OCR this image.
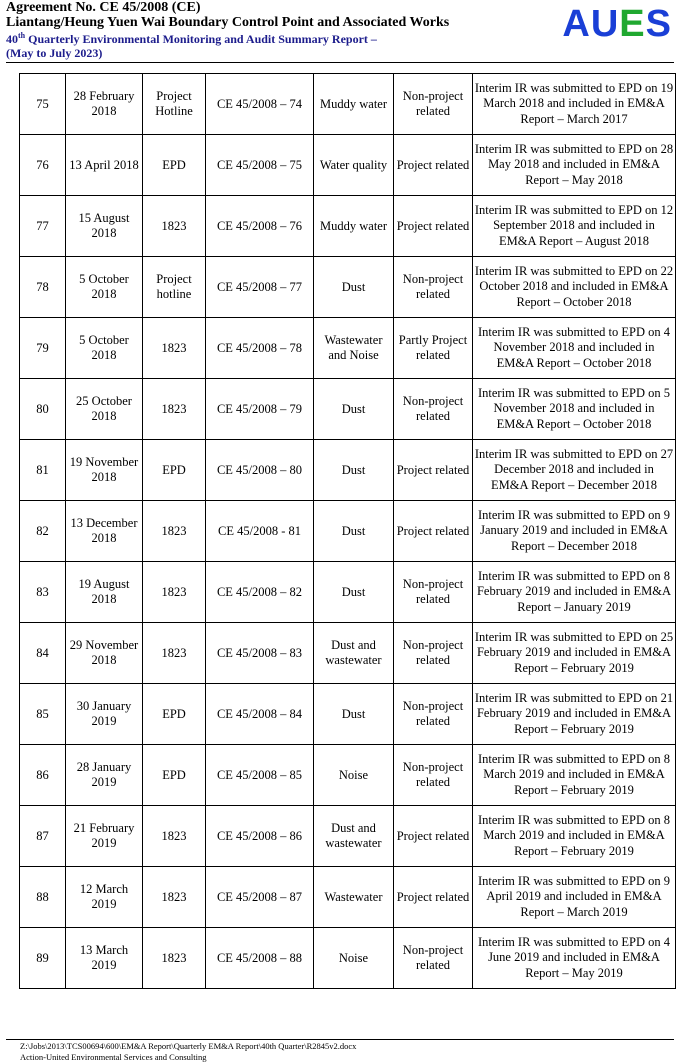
Agreement No. CE 45/2008 (CE)
Liantang/Heung Yuen Wai Boundary Control Point and Associated Works
40th Quarterly Environmental Monitoring and Audit Summary Report –
(May to July 2023)
AUES
75	28 February 2018	Project Hotline	CE 45/2008 – 74	Muddy water	Non-project related	Interim IR was submitted to EPD on 19 March 2018 and included in EM&A Report – March 2017
76	13 April 2018	EPD	CE 45/2008 – 75	Water quality	Project related	Interim IR was submitted to EPD on 28 May 2018 and included in EM&A Report – May 2018
77	15 August 2018	1823	CE 45/2008 – 76	Muddy water	Project related	Interim IR was submitted to EPD on 12 September 2018 and included in EM&A Report – August 2018
78	5 October 2018	Project hotline	CE 45/2008 – 77	Dust	Non-project related	Interim IR was submitted to EPD on 22 October 2018 and included in EM&A Report – October 2018
79	5 October 2018	1823	CE 45/2008 – 78	Wastewater and Noise	Partly Project related	Interim IR was submitted to EPD on 4 November 2018 and included in EM&A Report – October 2018
80	25 October 2018	1823	CE 45/2008 – 79	Dust	Non-project related	Interim IR was submitted to EPD on 5 November 2018 and included in EM&A Report – October 2018
81	19 November 2018	EPD	CE 45/2008 – 80	Dust	Project related	Interim IR was submitted to EPD on 27 December 2018 and included in EM&A Report – December 2018
82	13 December 2018	1823	CE 45/2008 - 81	Dust	Project related	Interim IR was submitted to EPD on 9 January 2019 and included in EM&A Report – December 2018
83	19 August 2018	1823	CE 45/2008 – 82	Dust	Non-project related	Interim IR was submitted to EPD on 8 February 2019 and included in EM&A Report – January 2019
84	29 November 2018	1823	CE 45/2008 – 83	Dust and wastewater	Non-project related	Interim IR was submitted to EPD on 25 February 2019 and included in EM&A Report – February 2019
85	30 January 2019	EPD	CE 45/2008 – 84	Dust	Non-project related	Interim IR was submitted to EPD on 21 February 2019 and included in EM&A Report – February 2019
86	28 January 2019	EPD	CE 45/2008 – 85	Noise	Non-project related	Interim IR was submitted to EPD on 8 March 2019 and included in EM&A Report – February 2019
87	21 February 2019	1823	CE 45/2008 – 86	Dust and wastewater	Project related	Interim IR was submitted to EPD on 8 March 2019 and included in EM&A Report – February 2019
88	12 March 2019	1823	CE 45/2008 – 87	Wastewater	Project related	Interim IR was submitted to EPD on 9 April 2019 and included in EM&A Report – March 2019
89	13 March 2019	1823	CE 45/2008 – 88	Noise	Non-project related	Interim IR was submitted to EPD on 4 June 2019 and included in EM&A Report – May 2019
Z:\Jobs\2013\TCS00694\600\EM&A Report\Quarterly EM&A Report\40th Quarter\R2845v2.docx
Action-United Environmental Services and Consulting
